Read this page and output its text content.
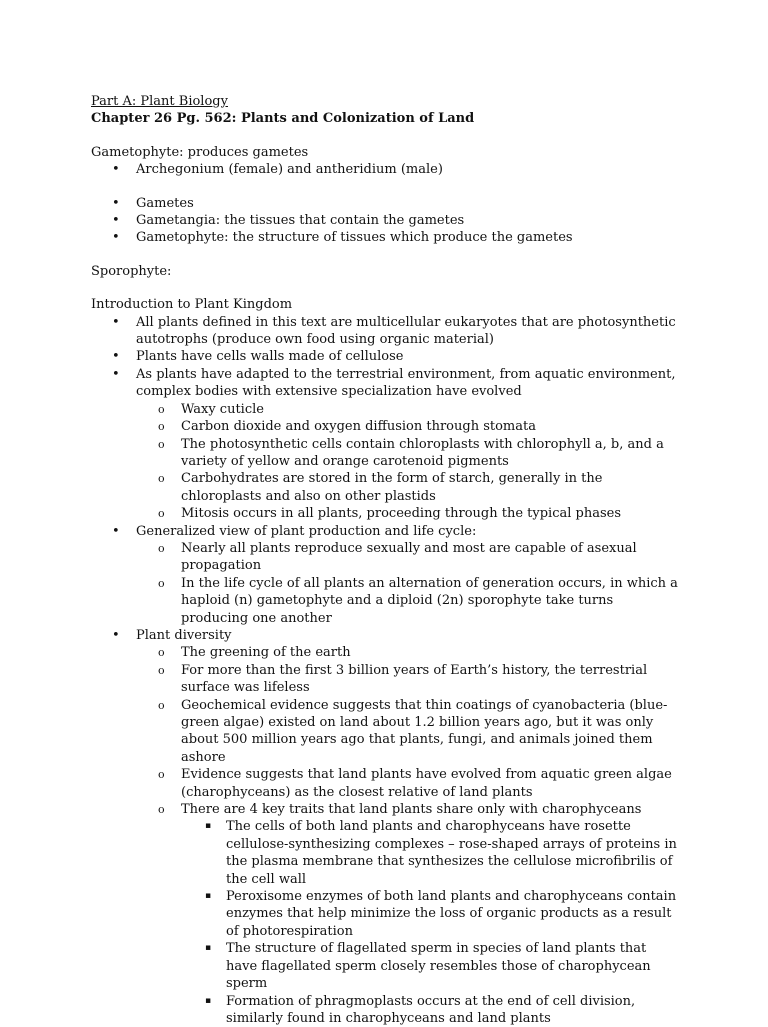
Part A: Plant Biology
Chapter 26 Pg. 562: Plants and Colonization of Land
Gametophyte: produces gametes
• Archegonium (female) and antheridium (male)
• Gametes
• Gametangia: the tissues that contain the gametes
• Gametophyte: the structure of tissues which produce the gametes
Sporophyte:
Introduction to Plant Kingdom
• All plants defined in this text are multicellular eukaryotes that are photosynthetic autotrophs (produce own food using organic material)
• Plants have cells walls made of cellulose
• As plants have adapted to the terrestrial environment, from aquatic environment, complex bodies with extensive specialization have evolved
o Waxy cuticle
o Carbon dioxide and oxygen diffusion through stomata
o The photosynthetic cells contain chloroplasts with chlorophyll a, b, and a variety of yellow and orange carotenoid pigments
o Carbohydrates are stored in the form of starch, generally in the chloroplasts and also on other plastids
o Mitosis occurs in all plants, proceeding through the typical phases
• Generalized view of plant production and life cycle:
o Nearly all plants reproduce sexually and most are capable of asexual propagation
o In the life cycle of all plants an alternation of generation occurs, in which a haploid (n) gametophyte and a diploid (2n) sporophyte take turns producing one another
• Plant diversity
o The greening of the earth
o For more than the first 3 billion years of Earth’s history, the terrestrial surface was lifeless
o Geochemical evidence suggests that thin coatings of cyanobacteria (blue-green algae) existed on land about 1.2 billion years ago, but it was only about 500 million years ago that plants, fungi, and animals joined them ashore
o Evidence suggests that land plants have evolved from aquatic green algae (charophyceans) as the closest relative of land plants
o There are 4 key traits that land plants share only with charophyceans
▪ The cells of both land plants and charophyceans have rosette cellulose-synthesizing complexes – rose-shaped arrays of proteins in the plasma membrane that synthesizes the cellulose microfibrilis of the cell wall
▪ Peroxisome enzymes of both land plants and charophyceans contain enzymes that help minimize the loss of organic products as a result of photorespiration
▪ The structure of flagellated sperm in species of land plants that have flagellated sperm closely resembles those of charophycean sperm
▪ Formation of phragmoplasts occurs at the end of cell division, similarly found in charophyceans and land plants
